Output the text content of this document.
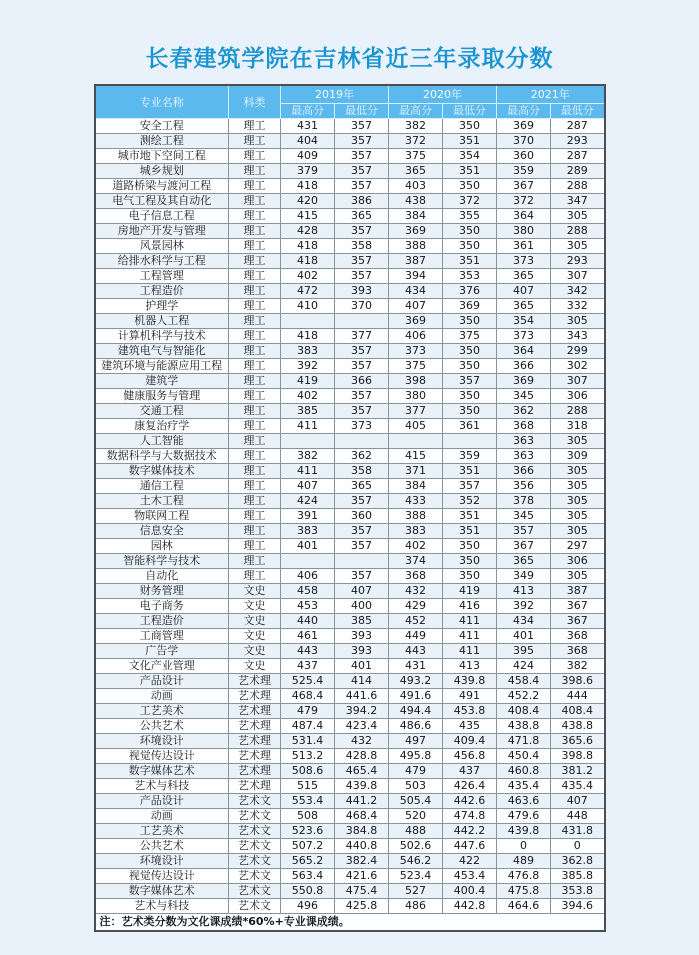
长春建筑学院在吉林省近三年录取分数
专业名称	科类	2019年		2020年		2021年	
		最高分	最低分	最高分	最低分	最高分	最低分
安全工程	理工	431	357	382	350	369	287
测绘工程	理工	404	357	372	351	370	293
城市地下空间工程	理工	409	357	375	354	360	287
城乡规划	理工	379	357	365	351	359	289
道路桥梁与渡河工程	理工	418	357	403	350	367	288
电气工程及其自动化	理工	420	386	438	372	372	347
电子信息工程	理工	415	365	384	355	364	305
房地产开发与管理	理工	428	357	369	350	380	288
风景园林	理工	418	358	388	350	361	305
给排水科学与工程	理工	418	357	387	351	373	293
工程管理	理工	402	357	394	353	365	307
工程造价	理工	472	393	434	376	407	342
护理学	理工	410	370	407	369	365	332
机器人工程	理工			369	350	354	305
计算机科学与技术	理工	418	377	406	375	373	343
建筑电气与智能化	理工	383	357	373	350	364	299
建筑环境与能源应用工程	理工	392	357	375	350	366	302
建筑学	理工	419	366	398	357	369	307
健康服务与管理	理工	402	357	380	350	345	306
交通工程	理工	385	357	377	350	362	288
康复治疗学	理工	411	373	405	361	368	318
人工智能	理工					363	305
数据科学与大数据技术	理工	382	362	415	359	363	309
数字媒体技术	理工	411	358	371	351	366	305
通信工程	理工	407	365	384	357	356	305
土木工程	理工	424	357	433	352	378	305
物联网工程	理工	391	360	388	351	345	305
信息安全	理工	383	357	383	351	357	305
园林	理工	401	357	402	350	367	297
智能科学与技术	理工			374	350	365	306
自动化	理工	406	357	368	350	349	305
财务管理	文史	458	407	432	419	413	387
电子商务	文史	453	400	429	416	392	367
工程造价	文史	440	385	452	411	434	367
工商管理	文史	461	393	449	411	401	368
广告学	文史	443	393	443	411	395	368
文化产业管理	文史	437	401	431	413	424	382
产品设计	艺术理	525.4	414	493.2	439.8	458.4	398.6
动画	艺术理	468.4	441.6	491.6	491	452.2	444
工艺美术	艺术理	479	394.2	494.4	453.8	408.4	408.4
公共艺术	艺术理	487.4	423.4	486.6	435	438.8	438.8
环境设计	艺术理	531.4	432	497	409.4	471.8	365.6
视觉传达设计	艺术理	513.2	428.8	495.8	456.8	450.4	398.8
数字媒体艺术	艺术理	508.6	465.4	479	437	460.8	381.2
艺术与科技	艺术理	515	439.8	503	426.4	435.4	435.4
产品设计	艺术文	553.4	441.2	505.4	442.6	463.6	407
动画	艺术文	508	468.4	520	474.8	479.6	448
工艺美术	艺术文	523.6	384.8	488	442.2	439.8	431.8
公共艺术	艺术文	507.2	440.8	502.6	447.6	0	0
环境设计	艺术文	565.2	382.4	546.2	422	489	362.8
视觉传达设计	艺术文	563.4	421.6	523.4	453.4	476.8	385.8
数字媒体艺术	艺术文	550.8	475.4	527	400.4	475.8	353.8
艺术与科技	艺术文	496	425.8	486	442.8	464.6	394.6
注：艺术类分数为文化课成绩*60%+专业课成绩。							
